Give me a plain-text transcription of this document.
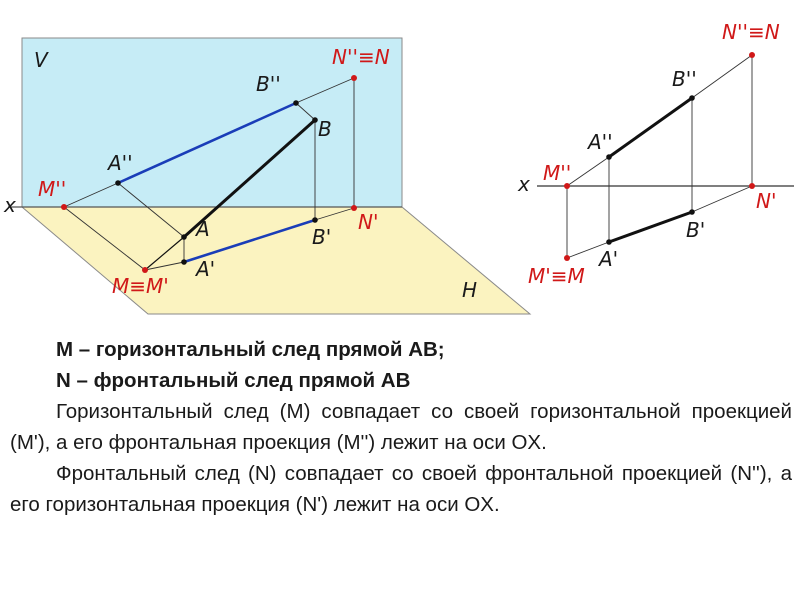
V
H
x
N''≡N
B''
B
A''
M''
A	B'
N'
A'
M≡M'
x
N''≡N
B''
A''
M''
N'
B'
A'
M'≡M

M – горизонтальный след прямой AB;

N – фронтальный след прямой AB

Горизонтальный след (M) совпадает со своей горизонтальной проекцией (M'), а его фронтальная проекция (M'') лежит на оси OX.

Фронтальный след (N) совпадает со своей фронтальной проекцией (N''), а его горизонтальная проекция (N') лежит на оси OX.
